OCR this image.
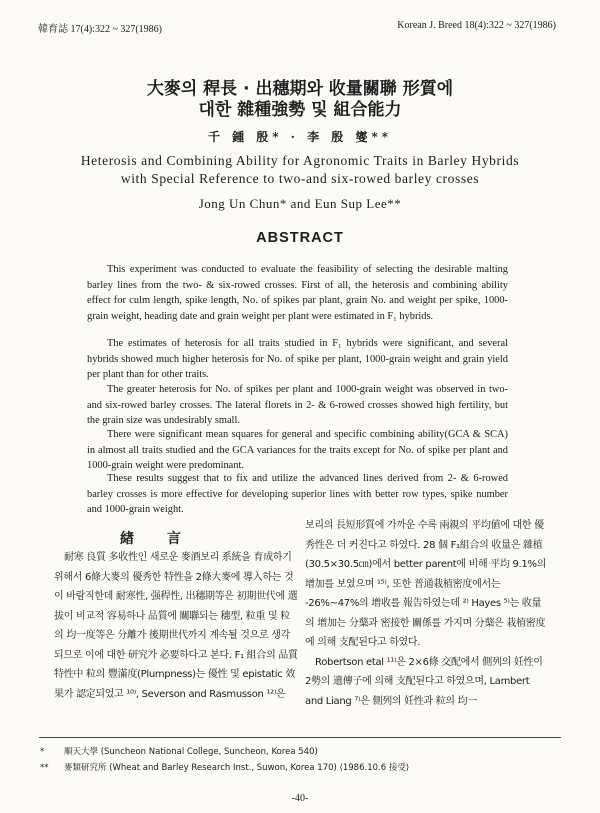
韓育誌 17(4):322 ~ 327(1986)	Korean J. Breed 18(4):322 ~ 327(1986)
大麥의 稈長 · 出穗期와 收量關聯 形質에
대한 雜種強勢 및 組合能力
千 鍾 殷* · 李 殷 燮**
Heterosis and Combining Ability for Agronomic Traits in Barley Hybrids
with Special Reference to two-and six-rowed barley crosses
Jong Un Chun* and Eun Sup Lee**
ABSTRACT

This experiment was conducted to evaluate the feasibility of selecting the desirable malting barley lines from the two- & six-rowed crosses. First of all, the heterosis and combining ability effect for culm length, spike length, No. of spikes par plant, grain No. and weight per spike, 1000-grain weight, heading date and grain weight per plant were estimated in F₁ hybrids.

The estimates of heterosis for all traits studied in F₁ hybrids were significant, and several hybrids showed much higher heterosis for No. of spike per plant, 1000-grain weight and grain yield per plant than for other traits.

The greater heterosis for No. of spikes per plant and 1000-grain weight was observed in two-and six-rowed barley crosses. The lateral florets in 2- & 6-rowed crosses showed high fertility, but the grain size was undesirably small.

There were significant mean squares for general and specific combining ability(GCA & SCA) in almost all traits studied and the GCA variances for the traits except for No. of spike per plant and 1000-grain weight were predominant.

These results suggest that to fix and utilize the advanced lines derived from 2- & 6-rowed barley crosses is more effective for developing superior lines with better row types, spike number and 1000-grain weight.

緖 言

耐寒 良質 多收性인 새로운 麥酒보리 系統을 育成하기 위해서 6條大麥의 優秀한 特性을 2條大麥에 導入하는 것이 바람직한데 耐寒性, 强稈性, 出穗期等은 初期世代에 選拔이 비교적 容易하나 品質에 關聯되는 穗型, 粒重 및 粒의 均一度等은 分離가 後期世代까지 계속될 것으로 생각되므로 이에 대한 研究가 必要하다고 본다. F₁ 組合의 品質特性中 粒의 豐滿度(Plumpness)는 優性 및 epistatic 效果가 認定되었고 ¹⁰⁾, Severson and Rasmusson ¹²⁾은

보리의 長短形質에 가까운 수록 兩親의 平均値에 대한 優秀性은 더 커진다고 하였다. 28 個 F₁組合의 收量은 雜植(30.5×30.5㎝)에서 better parent에 비해 平均 9.1%의 增加를 보였으며 ¹⁵⁾, 또한 普通栽植密度에서는 -26%~47%의 增收를 報告하였는데 ²⁾ Hayes ⁵⁾는 收量의 增加는 分蘖과 密接한 關係를 가지며 分蘖은 栽植密度에 의해 支配된다고 하였다.

Robertson etal ¹¹⁾은 2×6條 交配에서 側列의 妊性이 2勢의 遺傳子에 의해 支配된다고 하였으며, Lambert and Liang ⁷⁾은 側列의 妊性과 粒의 均一

* 順天大學 (Suncheon National College, Suncheon, Korea 540)
** 麥類研究所 (Wheat and Barley Research Inst., Suwon, Korea 170) ⟨1986.10.6 接受⟩
-40-
